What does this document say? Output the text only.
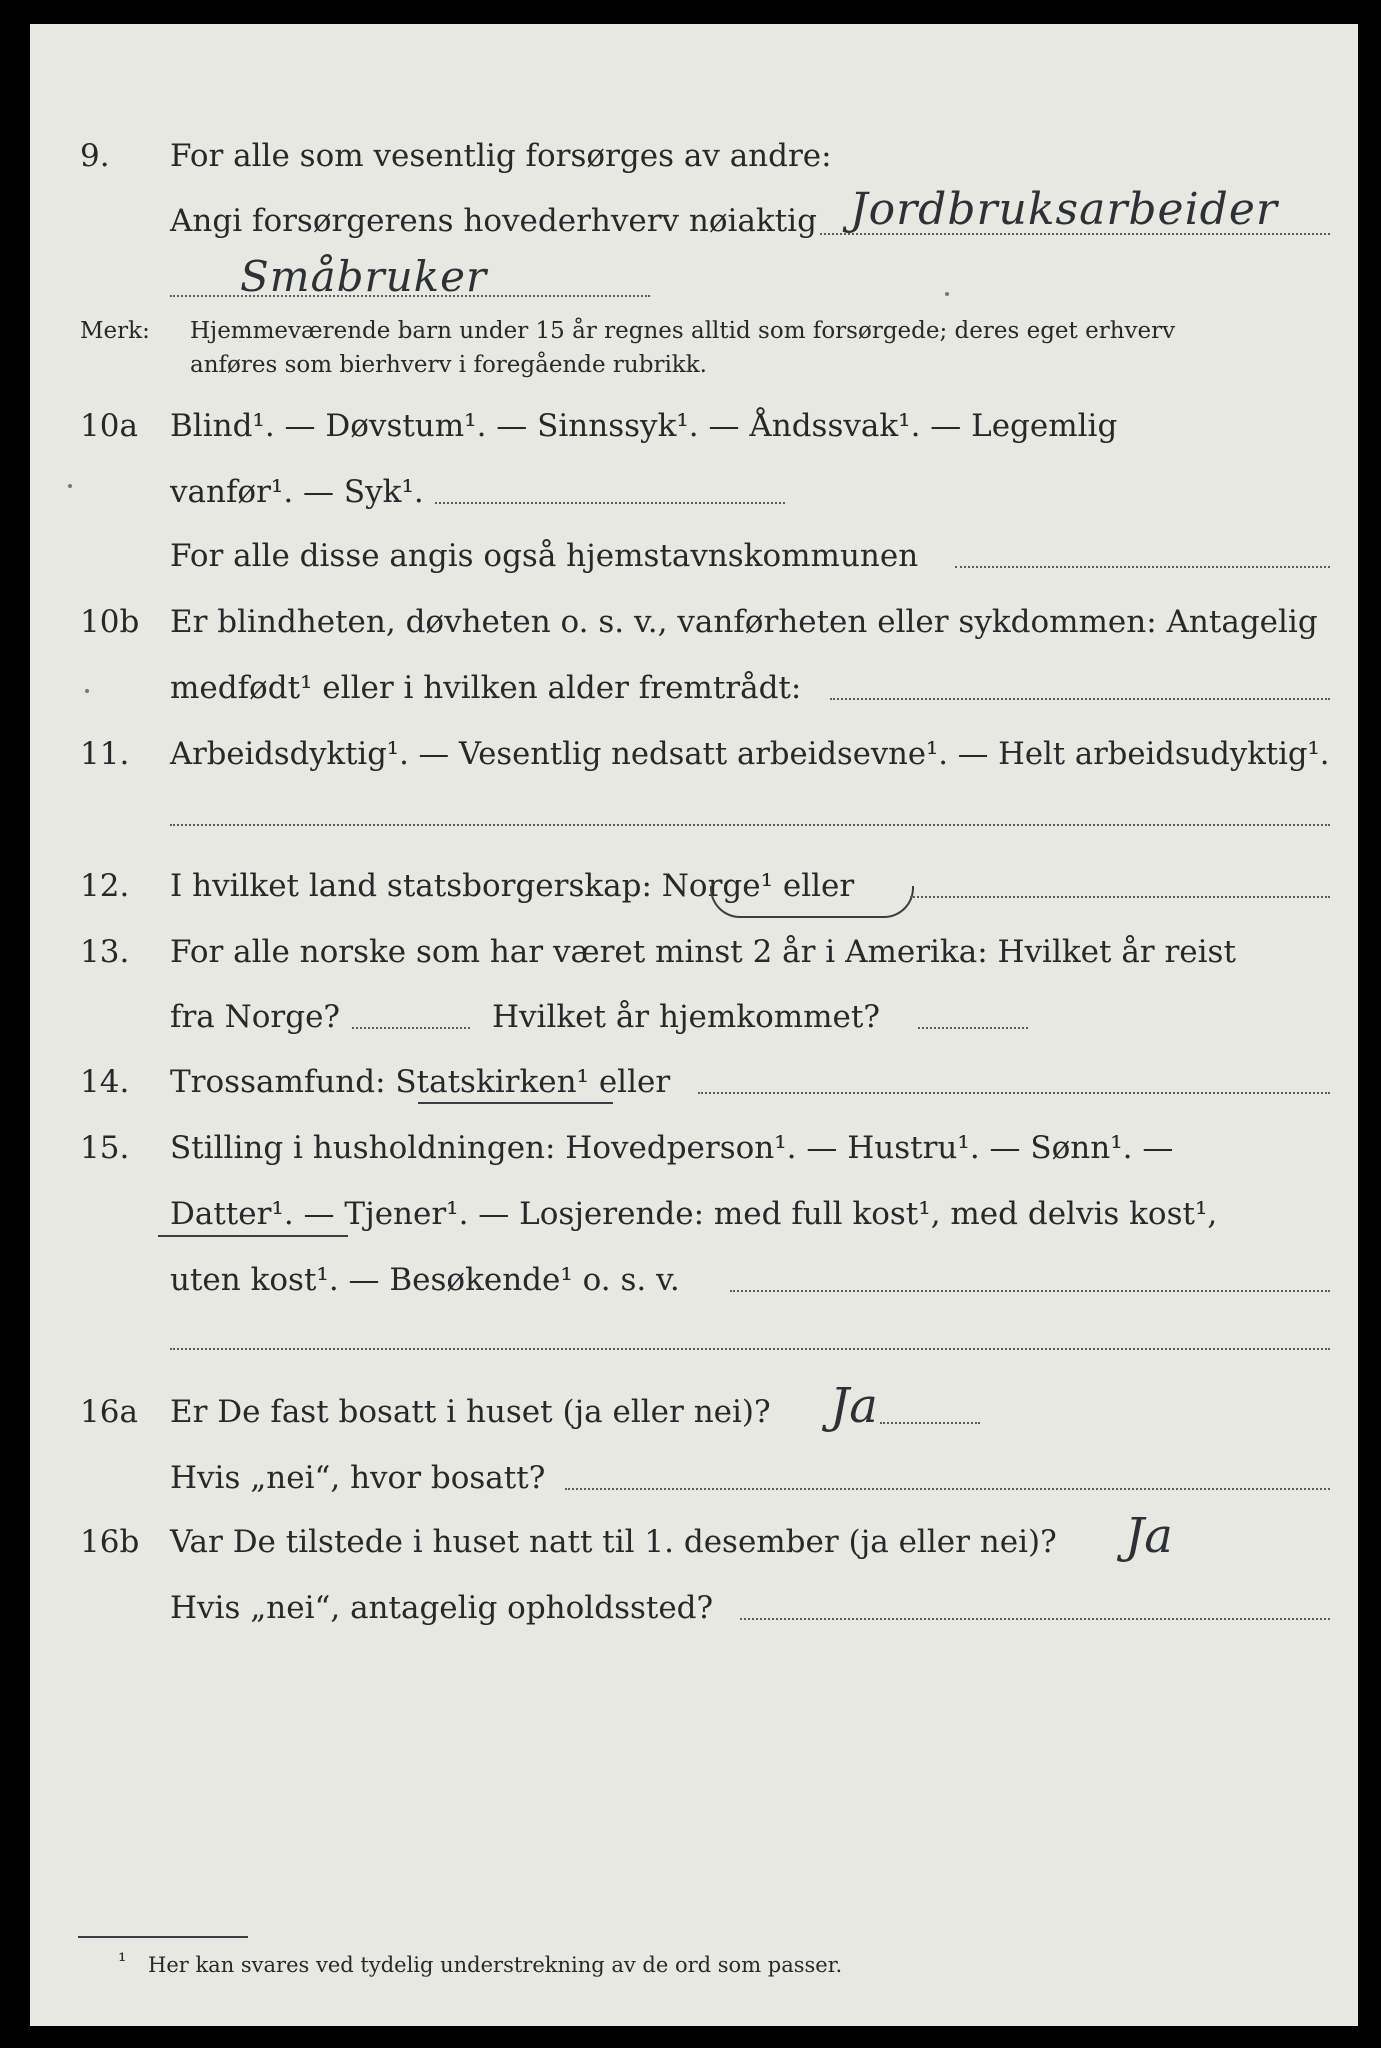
9. For alle som vesentlig forsørges av andre:
Angi forsørgerens hovederhverv nøiaktig Jordbruksarbeider
Småbruker
Merk: Hjemmeværende barn under 15 år regnes alltid som forsørgede; deres eget erhverv
anføres som bierhverv i foregående rubrikk.
10a Blind¹. — Døvstum¹. — Sinnssyk¹. — Åndssvak¹. — Legemlig
vanfør¹. — Syk¹.
For alle disse angis også hjemstavnskommunen
10b Er blindheten, døvheten o. s. v., vanførheten eller sykdommen: Antagelig
medfødt¹ eller i hvilken alder fremtrådt:
11. Arbeidsdyktig¹. — Vesentlig nedsatt arbeidsevne¹. — Helt arbeidsudyktig¹.
12. I hvilket land statsborgerskap: Norge¹ eller
13. For alle norske som har været minst 2 år i Amerika: Hvilket år reist
fra Norge?	Hvilket år hjemkommet?
14. Trossamfund: Statskirken¹ eller
15. Stilling i husholdningen: Hovedperson¹. — Hustru¹. — Sønn¹. —
Datter¹. — Tjener¹. — Losjerende: med full kost¹, med delvis kost¹,
uten kost¹. — Besøkende¹ o. s. v.
16a Er De fast bosatt i huset (ja eller nei)? Ja
Hvis „nei“, hvor bosatt?
16b Var De tilstede i huset natt til 1. desember (ja eller nei)? Ja
Hvis „nei“, antagelig opholdssted?
¹ Her kan svares ved tydelig understrekning av de ord som passer.
